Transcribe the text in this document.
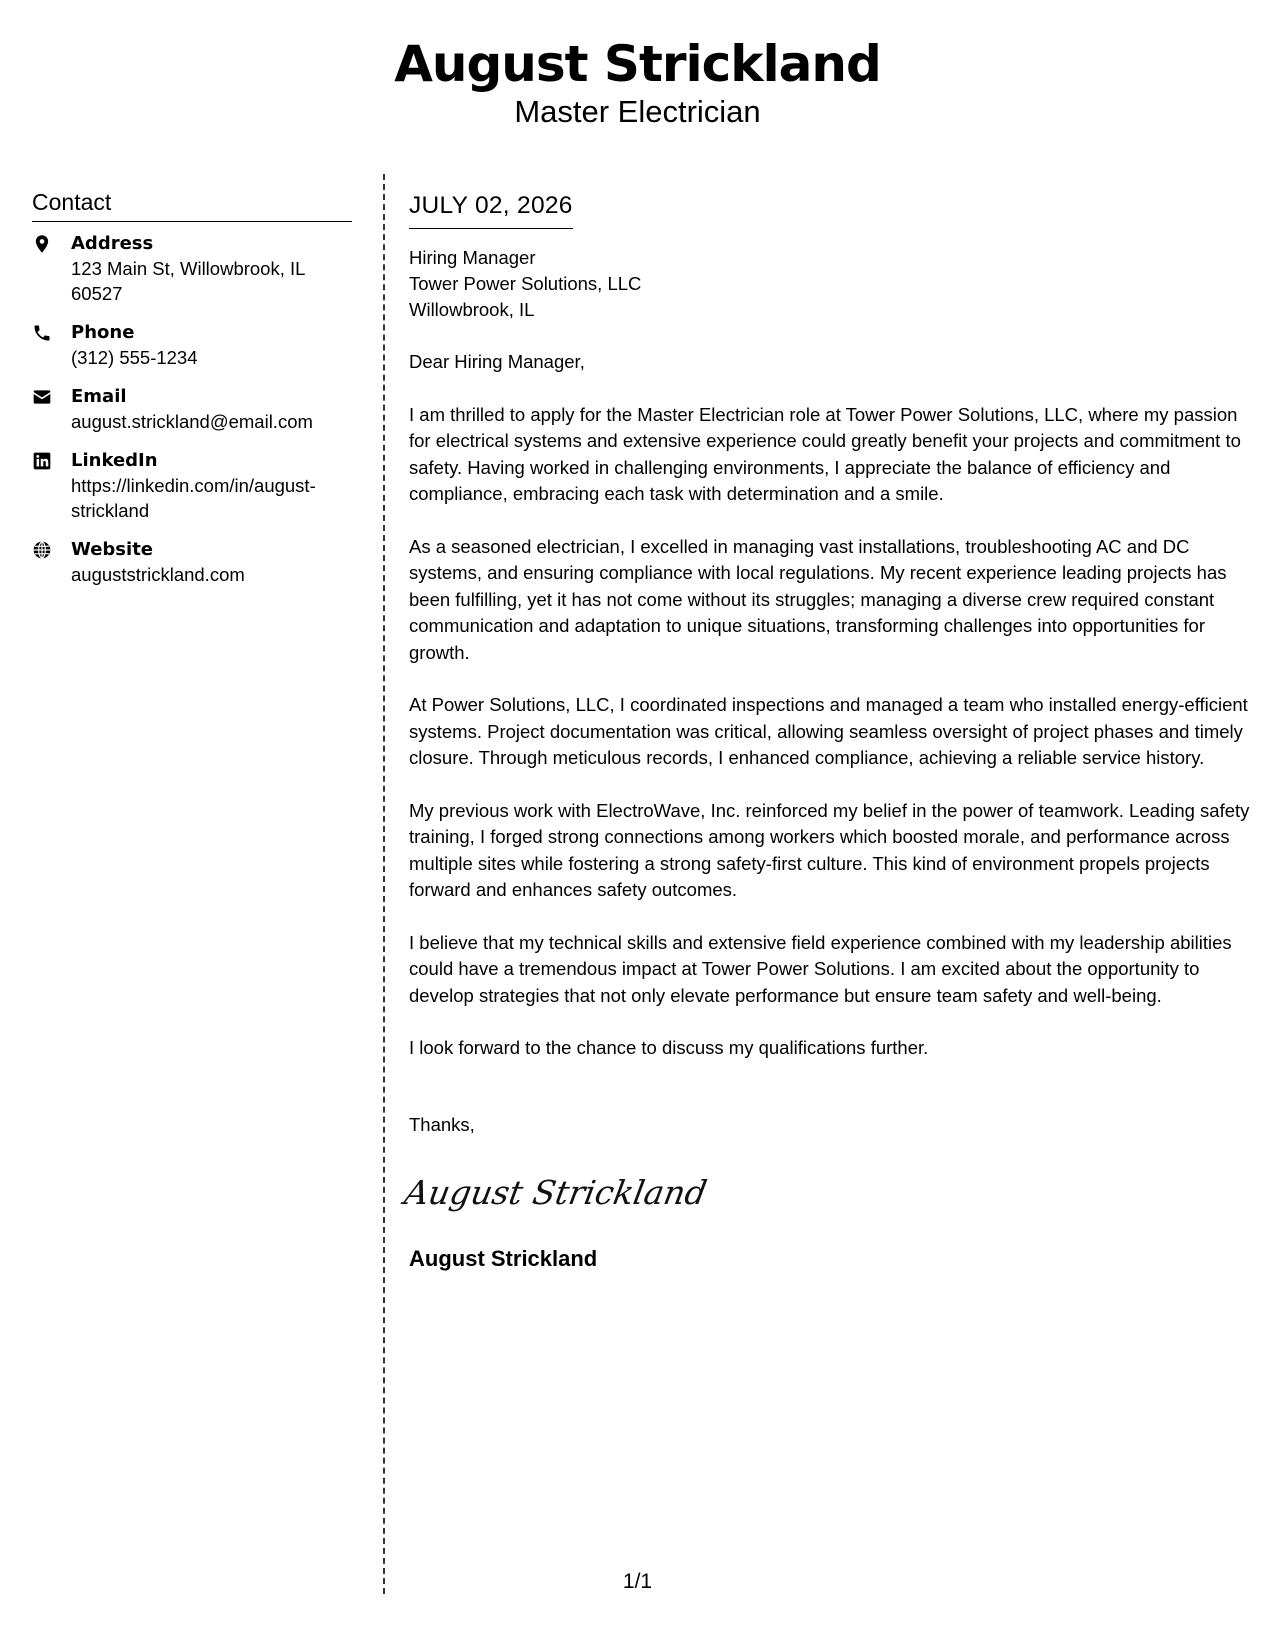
August Strickland
Master Electrician
Contact
Address
123 Main St, Willowbrook, IL 60527
Phone
(312) 555-1234
Email
august.strickland@email.com
LinkedIn
https://linkedin.com/in/august-strickland
Website
auguststrickland.com
JULY 02, 2026
Hiring Manager
Tower Power Solutions, LLC
Willowbrook, IL

Dear Hiring Manager,

I am thrilled to apply for the Master Electrician role at Tower Power Solutions, LLC, where my passion for electrical systems and extensive experience could greatly benefit your projects and commitment to safety. Having worked in challenging environments, I appreciate the balance of efficiency and compliance, embracing each task with determination and a smile.

As a seasoned electrician, I excelled in managing vast installations, troubleshooting AC and DC systems, and ensuring compliance with local regulations. My recent experience leading projects has been fulfilling, yet it has not come without its struggles; managing a diverse crew required constant communication and adaptation to unique situations, transforming challenges into opportunities for growth.

At Power Solutions, LLC, I coordinated inspections and managed a team who installed energy-efficient systems. Project documentation was critical, allowing seamless oversight of project phases and timely closure. Through meticulous records, I enhanced compliance, achieving a reliable service history.

My previous work with ElectroWave, Inc. reinforced my belief in the power of teamwork. Leading safety training, I forged strong connections among workers which boosted morale, and performance across multiple sites while fostering a strong safety-first culture. This kind of environment propels projects forward and enhances safety outcomes.

I believe that my technical skills and extensive field experience combined with my leadership abilities could have a tremendous impact at Tower Power Solutions. I am excited about the opportunity to develop strategies that not only elevate performance but ensure team safety and well-being.

I look forward to the chance to discuss my qualifications further.

Thanks,
August Strickland
August Strickland
1/1
